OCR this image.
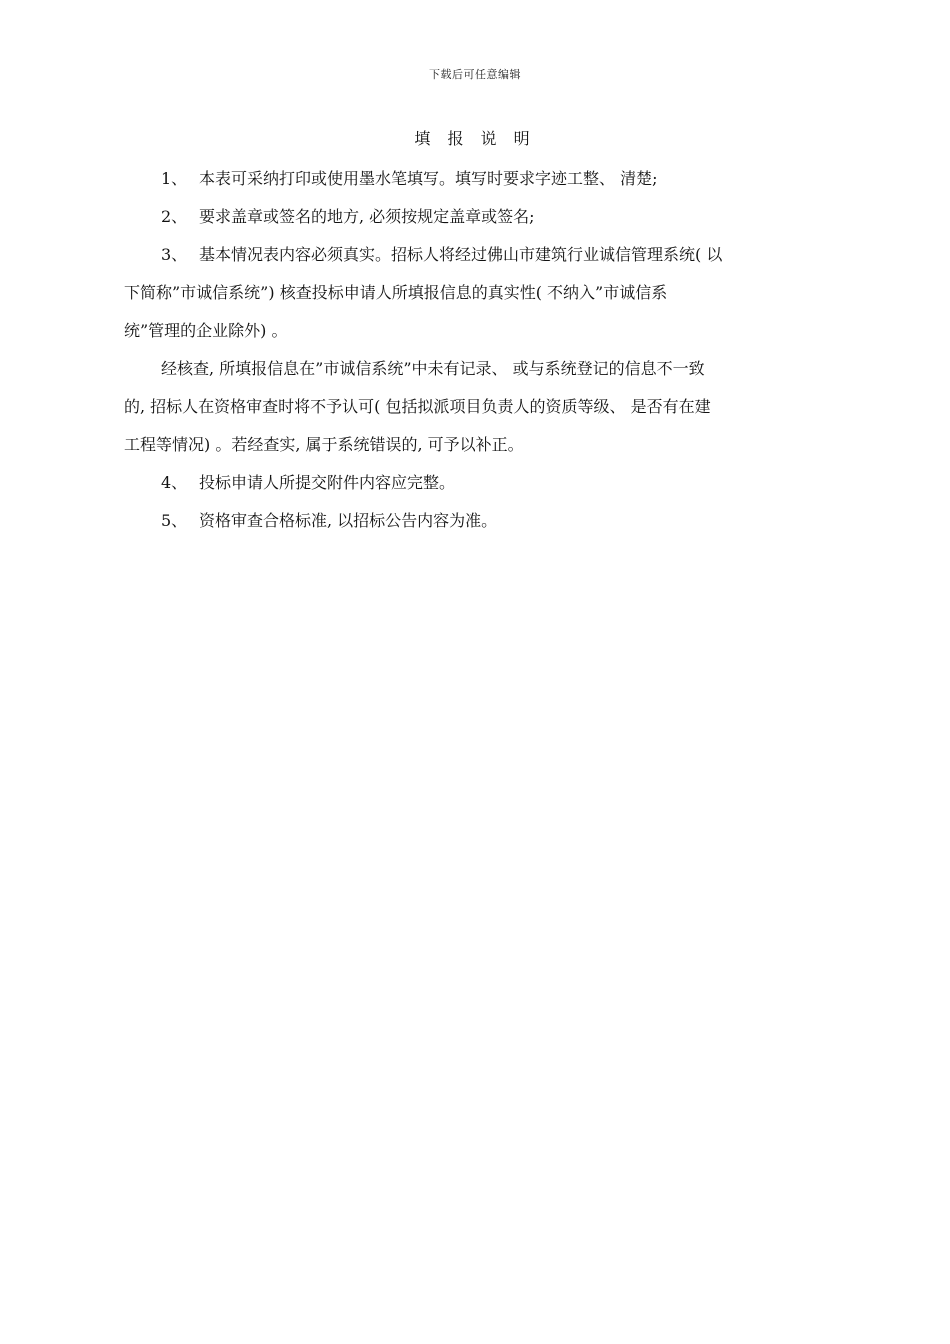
下载后可任意编辑
填 报 说 明
1、 本表可采纳打印或使用墨水笔填写。填写时要求字迹工整、 清楚;
2、 要求盖章或签名的地方, 必须按规定盖章或签名;
3、 基本情况表内容必须真实。招标人将经过佛山市建筑行业诚信管理系统( 以
下简称”市诚信系统”) 核查投标申请人所填报信息的真实性( 不纳入”市诚信系
统”管理的企业除外) 。
经核查, 所填报信息在”市诚信系统”中未有记录、 或与系统登记的信息不一致
的, 招标人在资格审查时将不予认可( 包括拟派项目负责人的资质等级、 是否有在建
工程等情况) 。若经查实, 属于系统错误的, 可予以补正。
4、 投标申请人所提交附件内容应完整。
5、 资格审查合格标准, 以招标公告内容为准。
